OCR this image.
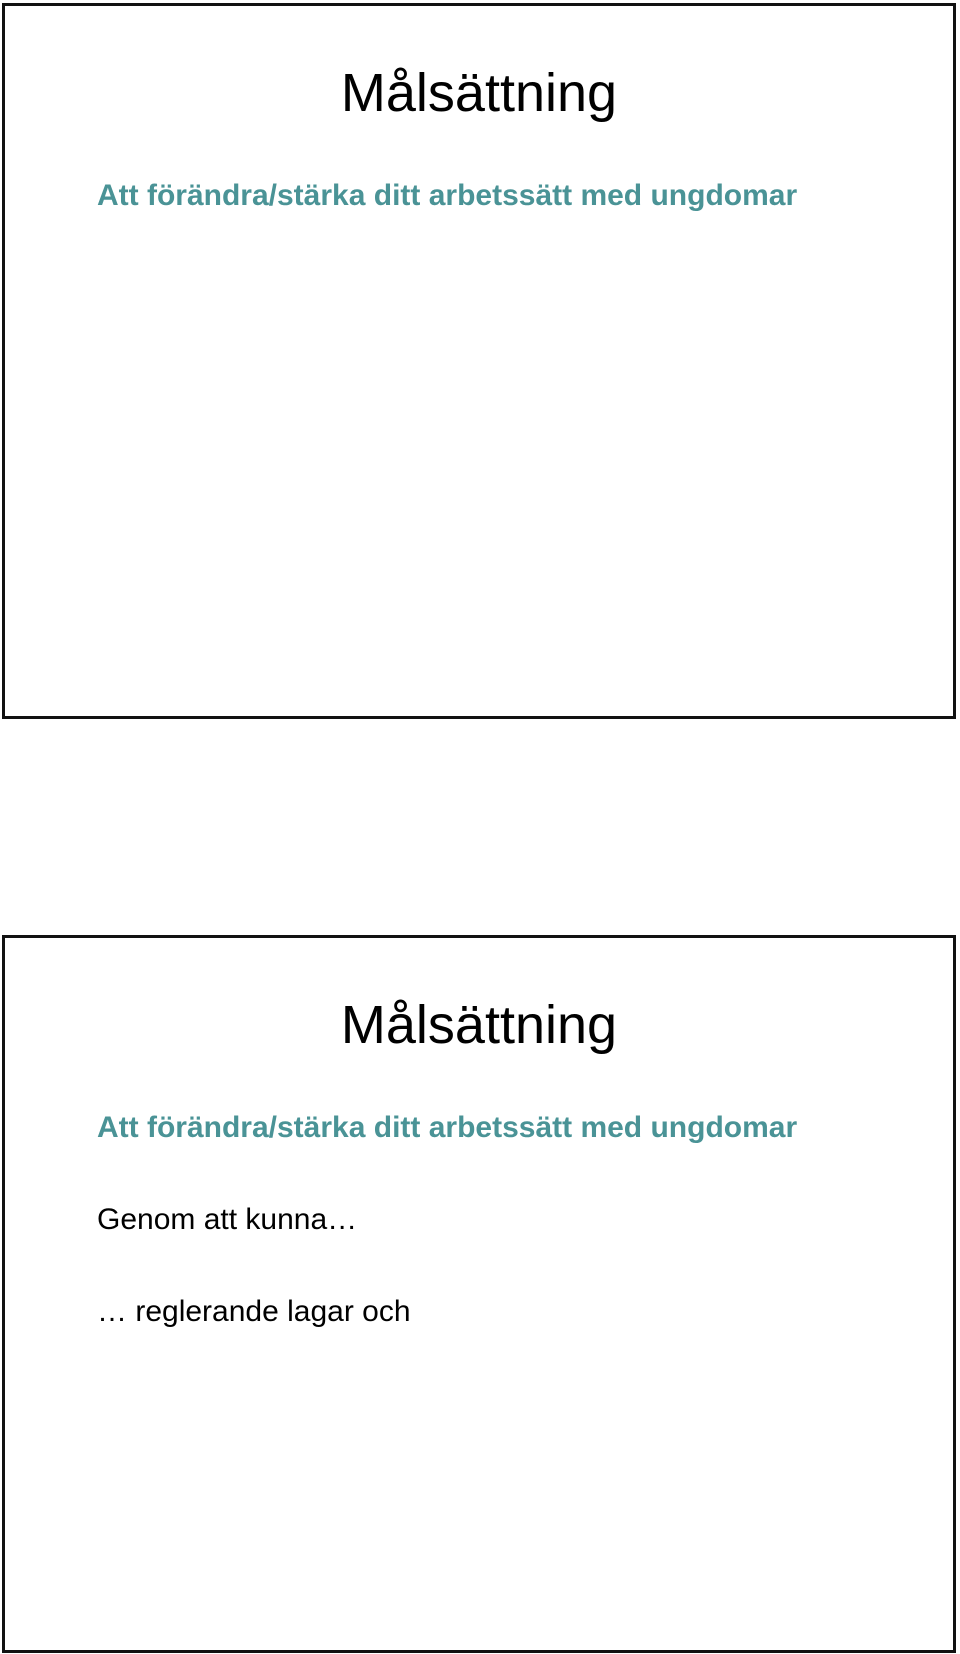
Målsättning
Att förändra/stärka ditt arbetssätt med ungdomar
Målsättning
Att förändra/stärka ditt arbetssätt med ungdomar

Genom att kunna…

… reglerande lagar och
